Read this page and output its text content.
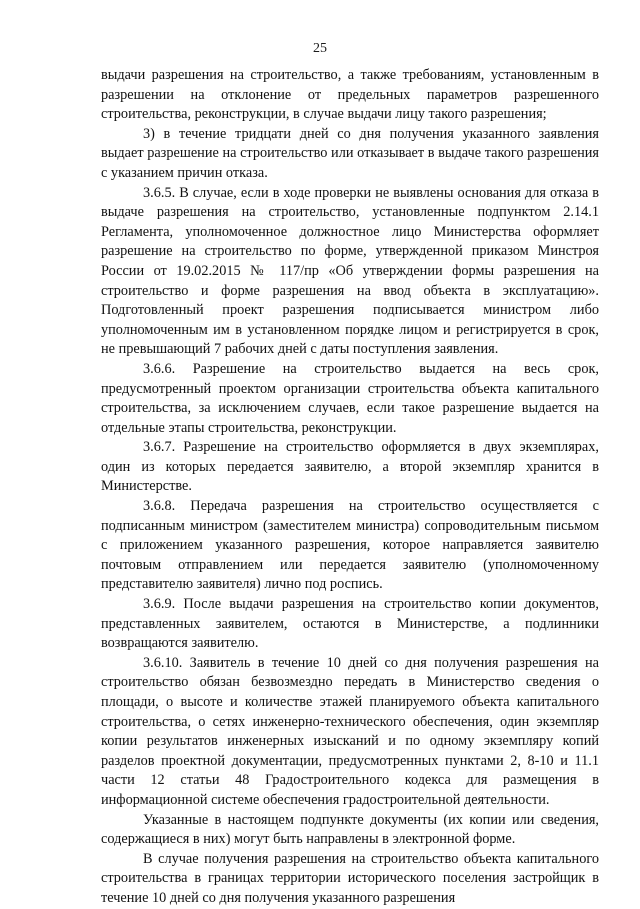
25

выдачи разрешения на строительство, а также требованиям, установленным в разрешении на отклонение от предельных параметров разрешенного строительства, реконструкции, в случае выдачи лицу такого разрешения;

3) в течение тридцати дней со дня получения указанного заявления выдает разрешение на строительство или отказывает в выдаче такого разрешения с указанием причин отказа.

3.6.5. В случае, если в ходе проверки не выявлены основания для отказа в выдаче разрешения на строительство, установленные подпунктом 2.14.1 Регламента, уполномоченное должностное лицо Министерства оформляет разрешение на строительство по форме, утвержденной приказом Минстроя России от 19.02.2015 № 117/пр «Об утверждении формы разрешения на строительство и форме разрешения на ввод объекта в эксплуатацию». Подготовленный проект разрешения подписывается министром либо уполномоченным им в установленном порядке лицом и регистрируется в срок, не превышающий 7 рабочих дней с даты поступления заявления.

3.6.6. Разрешение на строительство выдается на весь срок, предусмотренный проектом организации строительства объекта капитального строительства, за исключением случаев, если такое разрешение выдается на отдельные этапы строительства, реконструкции.

3.6.7. Разрешение на строительство оформляется в двух экземплярах, один из которых передается заявителю, а второй экземпляр хранится в Министерстве.

3.6.8. Передача разрешения на строительство осуществляется с подписанным министром (заместителем министра) сопроводительным письмом с приложением указанного разрешения, которое направляется заявителю почтовым отправлением или передается заявителю (уполномоченному представителю заявителя) лично под роспись.

3.6.9. После выдачи разрешения на строительство копии документов, представленных заявителем, остаются в Министерстве, а подлинники возвращаются заявителю.

3.6.10. Заявитель в течение 10 дней со дня получения разрешения на строительство обязан безвозмездно передать в Министерство сведения о площади, о высоте и количестве этажей планируемого объекта капитального строительства, о сетях инженерно-технического обеспечения, один экземпляр копии результатов инженерных изысканий и по одному экземпляру копий разделов проектной документации, предусмотренных пунктами 2, 8-10 и 11.1 части 12 статьи 48 Градостроительного кодекса для размещения в информационной системе обеспечения градостроительной деятельности.

Указанные в настоящем подпункте документы (их копии или сведения, содержащиеся в них) могут быть направлены в электронной форме.

В случае получения разрешения на строительство объекта капитального строительства в границах территории исторического поселения застройщик в течение 10 дней со дня получения указанного разрешения
